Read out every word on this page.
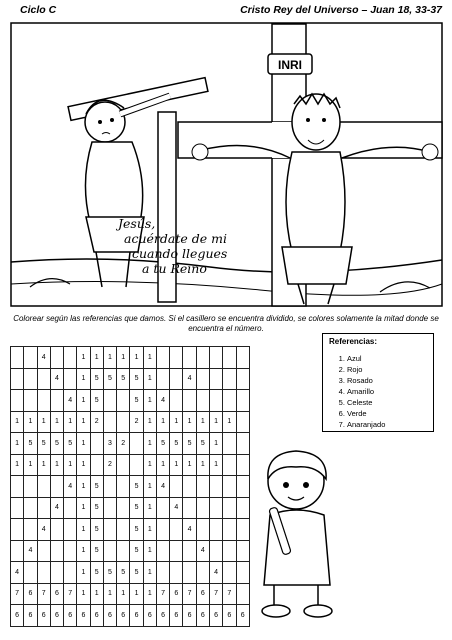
Ciclo C	Cristo Rey del Universo – Juan 18, 33-37
INRI
Jesús,
acuérdate de mi
cuando llegues
a tu Reino
Colorear según las referencias que damos. Si el casillero se encuentra dividido, se colores solamente la mitad donde se encuentra el número.
		4			1	1	1	1	1	1							
			4		1	5	5	5	5	1			4				
				4	1	5			5	1	4						
1	1	1	1	1	1	2			2	1	1	1	1	1	1	1	
1	5	5	5	5	1		3	2		1	5	5	5	5	1		
1	1	1	1	1	1		2			1	1	1	1	1	1		
				4	1	5			5	1	4						
			4		1	5			5	1		4					
		4			1	5			5	1			4				
	4				1	5			5	1				4			
4					1	5	5	5	5	1					4		
7	6	7	6	7	1	1	1	1	1	1	7	6	7	6	7	7	
6	6	6	6	6	6	6	6	6	6	6	6	6	6	6	6	6	6
Referencias:
1. Azul
2. Rojo
3. Rosado
4. Amarillo
5. Celeste
6. Verde
7. Anaranjado
